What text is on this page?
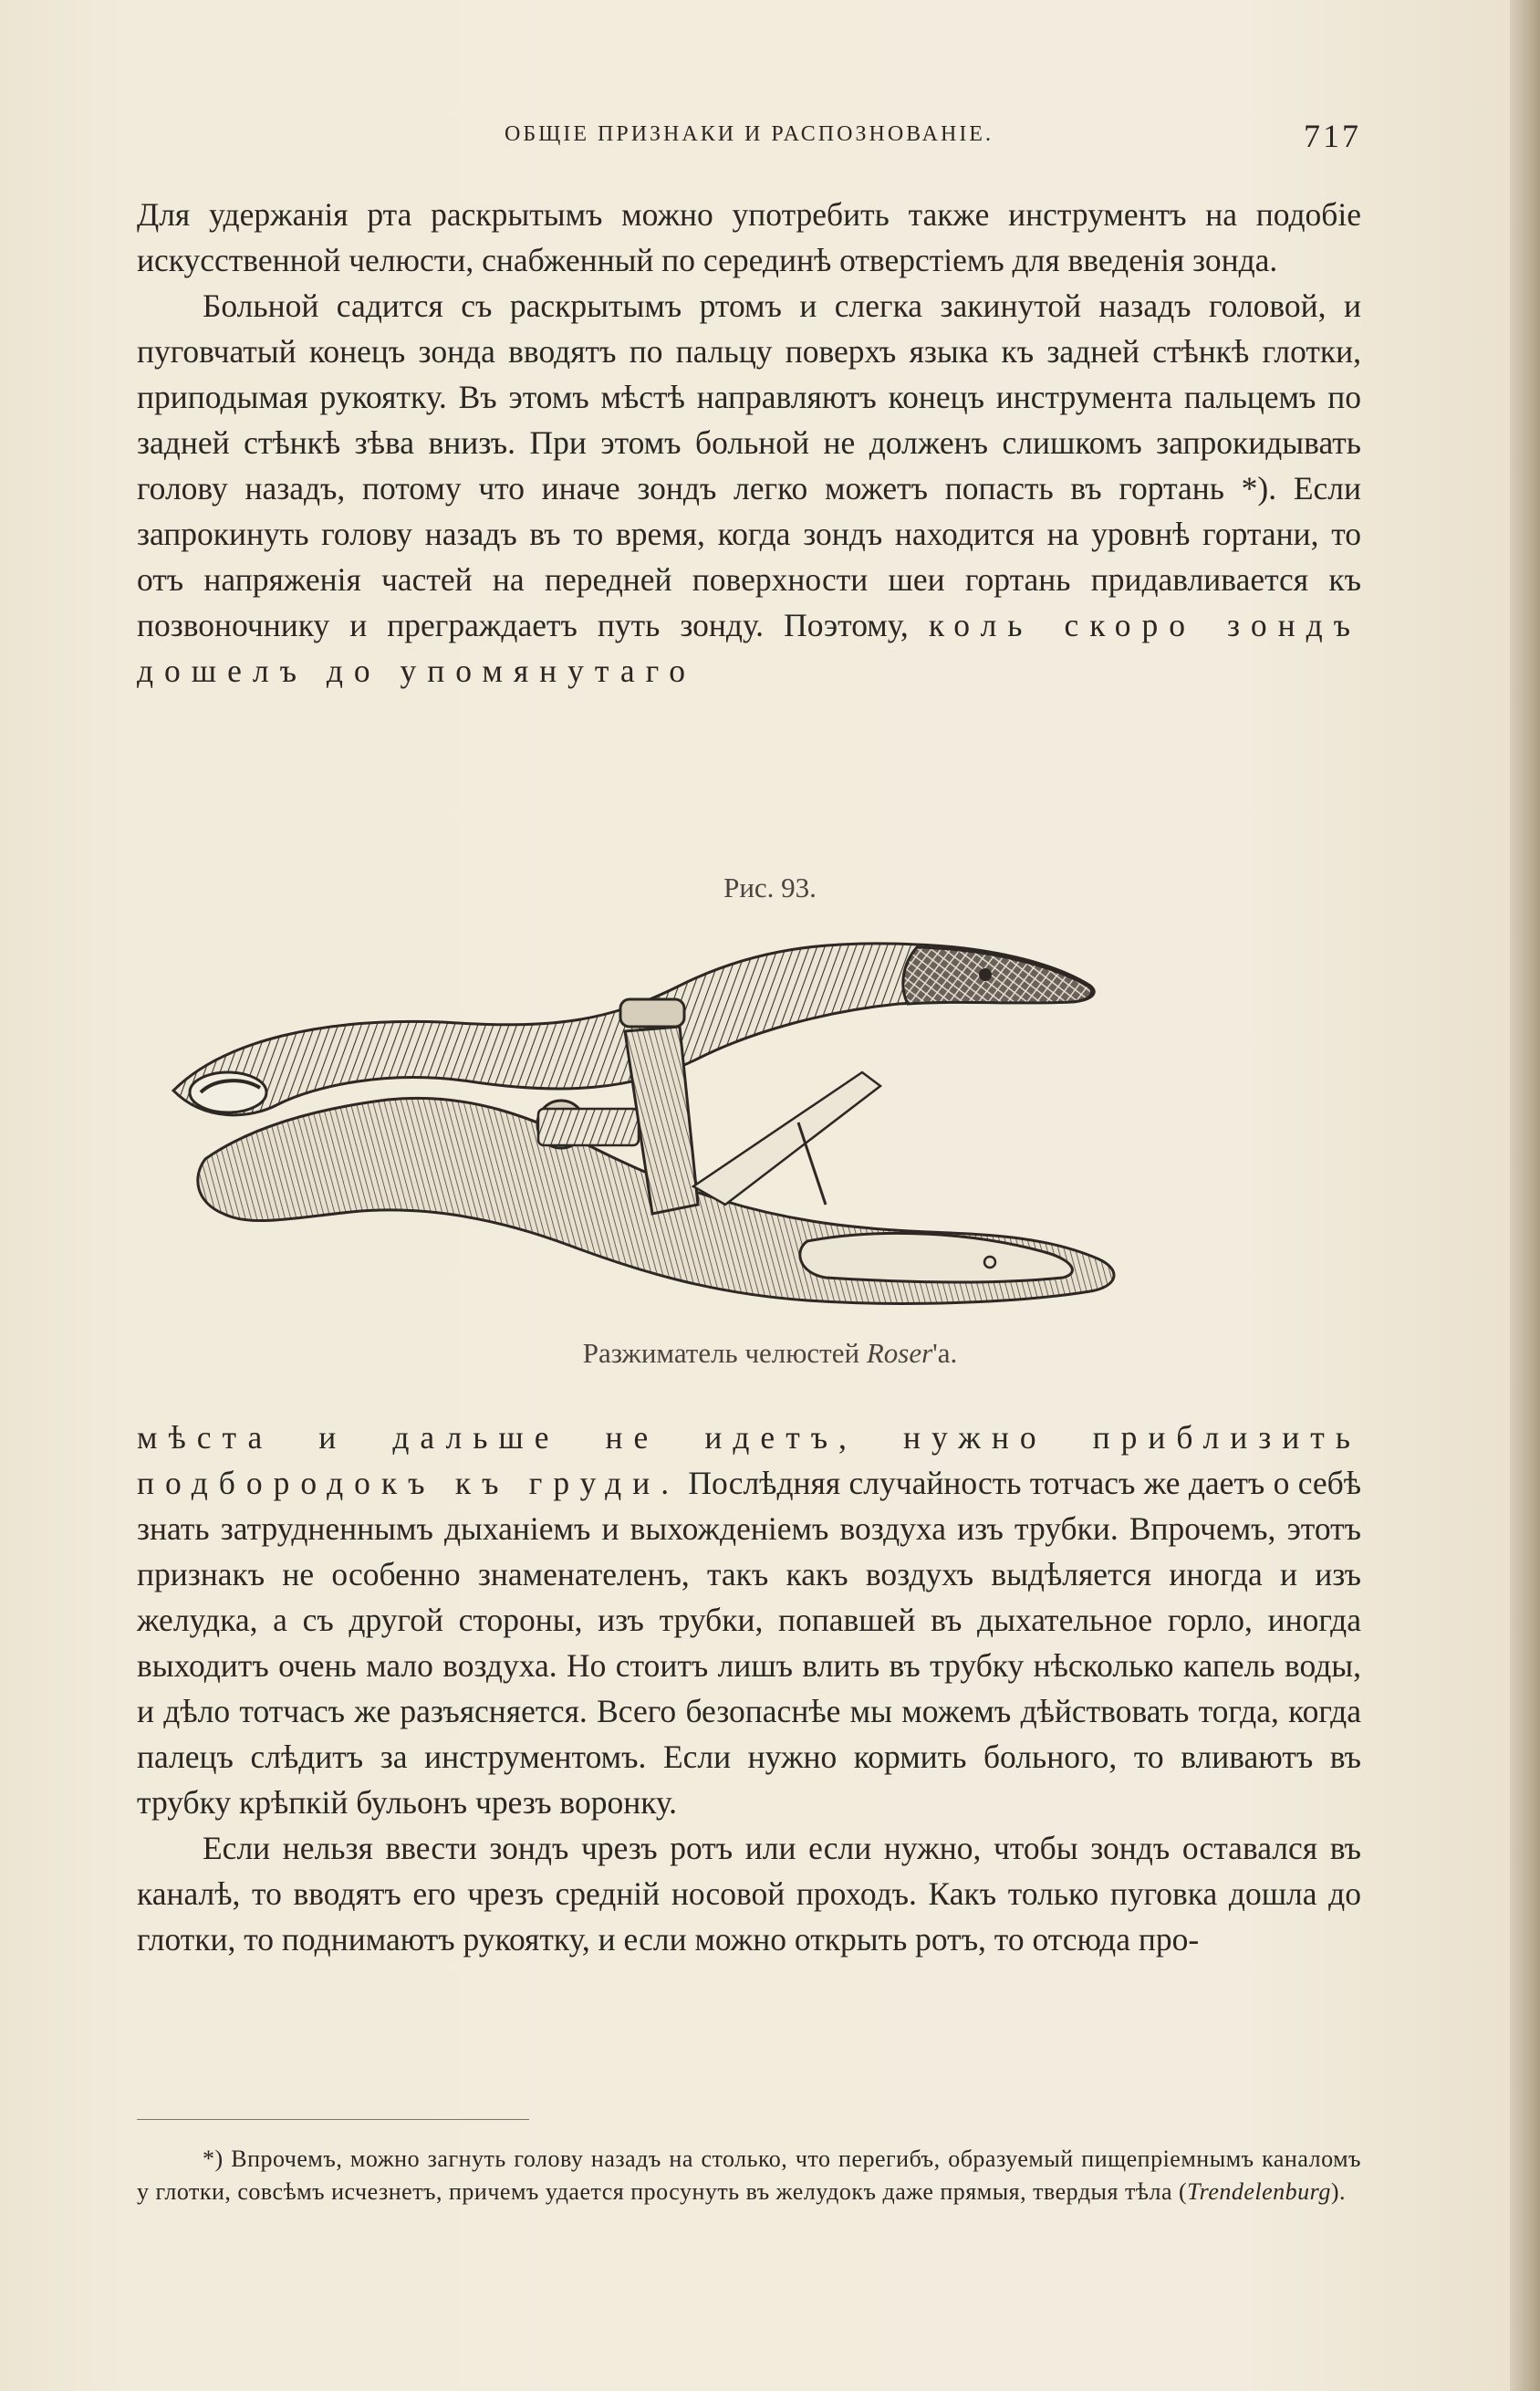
ОБЩІЕ ПРИЗНАКИ И РАСПОЗНОВАНІЕ.	717

Для удержанія рта раскрытымъ можно употребить также инструментъ на подобіе искусственной челюсти, снабженный по серединѣ отверстіемъ для введенія зонда.

Больной садится съ раскрытымъ ртомъ и слегка закинутой назадъ головой, и пуговчатый конецъ зонда вводятъ по пальцу поверхъ языка къ задней стѣнкѣ глотки, приподымая рукоятку. Въ этомъ мѣстѣ направляютъ конецъ инструмента пальцемъ по задней стѣнкѣ зѣва внизъ. При этомъ больной не долженъ слишкомъ запрокидывать голову назадъ, потому что иначе зондъ легко можетъ попасть въ гортань *). Если запрокинуть голову назадъ въ то время, когда зондъ находится на уровнѣ гортани, то отъ напряженія частей на передней поверхности шеи гортань придавливается къ позвоночнику и преграждаетъ путь зонду. Поэтому, коль скоро зондъ дошелъ до упомянутаго

Рис. 93.
Разжиматель челюстей Roser'а.

мѣста и дальше не идетъ, нужно приблизить подбородокъ къ груди. Послѣдняя случайность тотчасъ же даетъ о себѣ знать затрудненнымъ дыханіемъ и выхожденіемъ воздуха изъ трубки. Впрочемъ, этотъ признакъ не особенно знаменателенъ, такъ какъ воздухъ выдѣляется иногда и изъ желудка, а съ другой стороны, изъ трубки, попавшей въ дыхательное горло, иногда выходитъ очень мало воздуха. Но стоитъ лишъ влить въ трубку нѣсколько капель воды, и дѣло тотчасъ же разъясняется. Всего безопаснѣе мы можемъ дѣйствовать тогда, когда палецъ слѣдитъ за инструментомъ. Если нужно кормить больного, то вливаютъ въ трубку крѣпкій бульонъ чрезъ воронку.

Если нельзя ввести зондъ чрезъ ротъ или если нужно, чтобы зондъ оставался въ каналѣ, то вводятъ его чрезъ средній носовой проходъ. Какъ только пуговка дошла до глотки, то поднимаютъ рукоятку, и если можно открыть ротъ, то отсюда про-

*) Впрочемъ, можно загнуть голову назадъ на столько, что перегибъ, образуемый пищепріемнымъ каналомъ у глотки, совсѣмъ исчезнетъ, причемъ удается просунуть въ желудокъ даже прямыя, твердыя тѣла (Trendelenburg).
